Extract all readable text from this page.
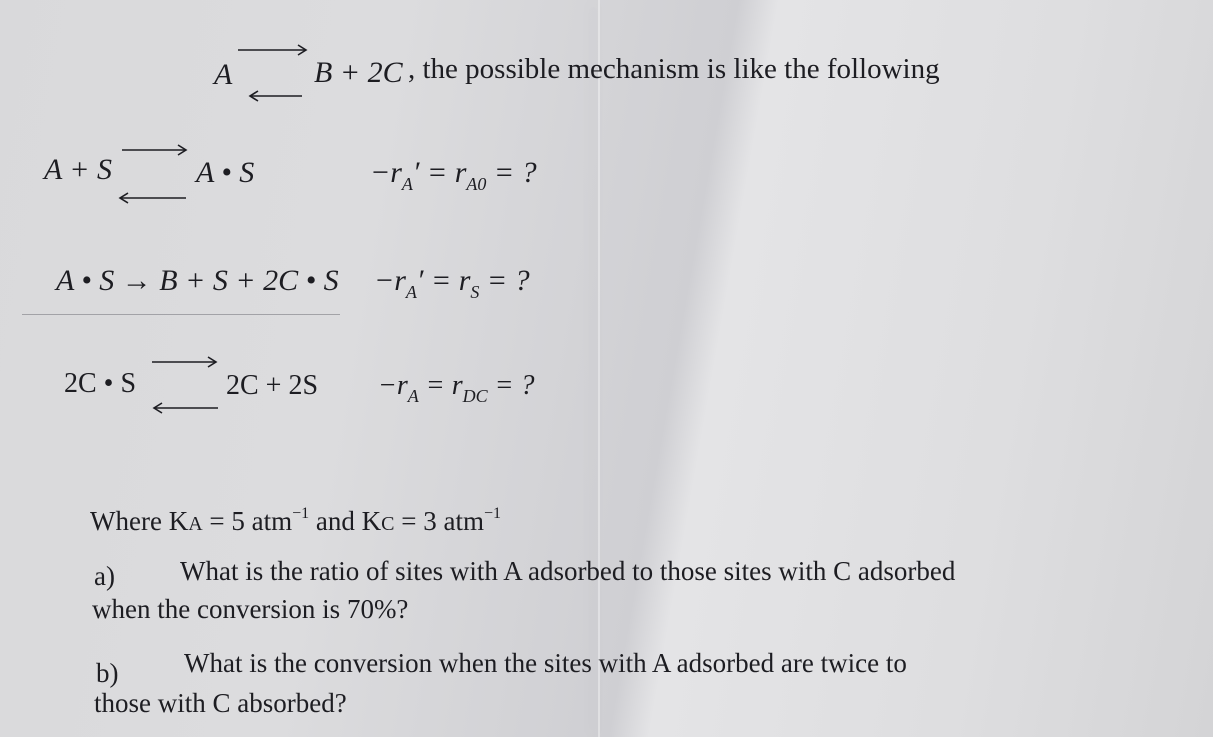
A	B + 2C , the possible mechanism is like the following
A + S	A • S	$-r_A' = r_{A0}$ = ?
A • S → B + S + 2C • $S -r_A' = r_S$ = ?
2C • S	$2C + 2S -r_A = r_{DC}$ = ?
Where KA = 5 atm$^{-1}$ and KC = 3 atm$^{-1}$
a) What is the ratio of sites with A adsorbed to those sites with C adsorbed
when the conversion is 70%?
b) What is the conversion when the sites with A adsorbed are twice to
those with C absorbed?
